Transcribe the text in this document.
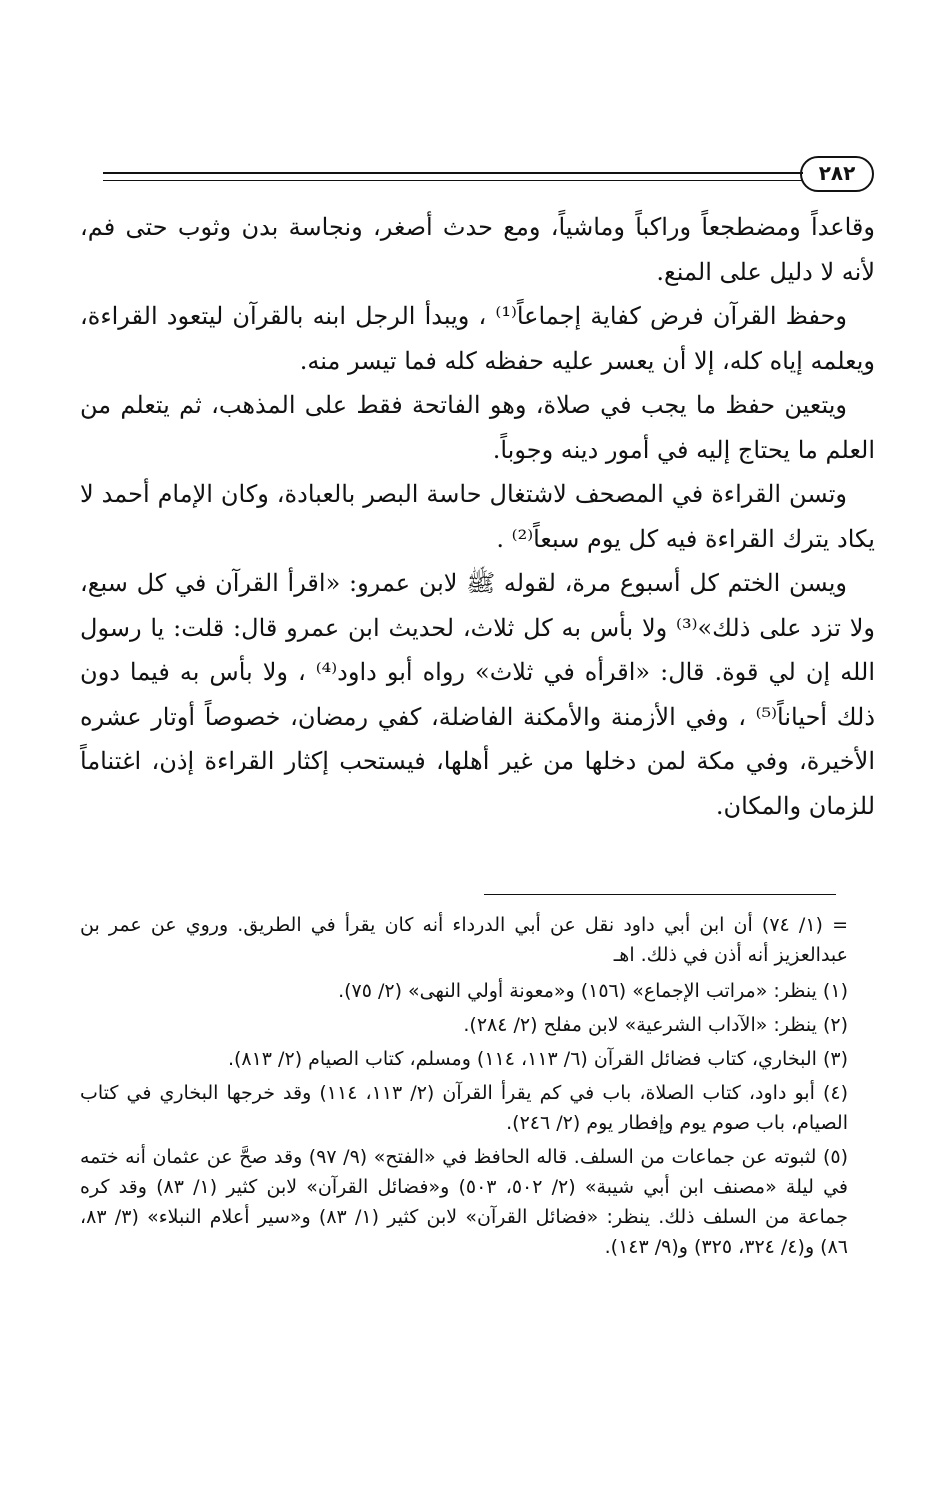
٢٨٢

وقاعداً ومضطجعاً وراكباً وماشياً، ومع حدث أصغر، ونجاسة بدن وثوب حتى فم، لأنه لا دليل على المنع.

وحفظ القرآن فرض كفاية إجماعاً⁽¹⁾ ، ويبدأ الرجل ابنه بالقرآن ليتعود القراءة، ويعلمه إياه كله، إلا أن يعسر عليه حفظه كله فما تيسر منه.

ويتعين حفظ ما يجب في صلاة، وهو الفاتحة فقط على المذهب، ثم يتعلم من العلم ما يحتاج إليه في أمور دينه وجوباً.

وتسن القراءة في المصحف لاشتغال حاسة البصر بالعبادة، وكان الإمام أحمد لا يكاد يترك القراءة فيه كل يوم سبعاً⁽²⁾ .

ويسن الختم كل أسبوع مرة، لقوله ﷺ لابن عمرو: «اقرأ القرآن في كل سبع، ولا تزد على ذلك»⁽³⁾ ولا بأس به كل ثلاث، لحديث ابن عمرو قال: قلت: يا رسول الله إن لي قوة. قال: «اقرأه في ثلاث» رواه أبو داود⁽⁴⁾ ، ولا بأس به فيما دون ذلك أحياناً⁽⁵⁾ ، وفي الأزمنة والأمكنة الفاضلة، كفي رمضان، خصوصاً أوتار عشره الأخيرة، وفي مكة لمن دخلها من غير أهلها، فيستحب إكثار القراءة إذن، اغتناماً للزمان والمكان.

= (١/ ٧٤) أن ابن أبي داود نقل عن أبي الدرداء أنه كان يقرأ في الطريق. وروي عن عمر بن عبدالعزيز أنه أذن في ذلك. اهـ

(١) ينظر: «مراتب الإجماع» (١٥٦) و«معونة أولي النهى» (٢/ ٧٥).

(٢) ينظر: «الآداب الشرعية» لابن مفلح (٢/ ٢٨٤).

(٣) البخاري، كتاب فضائل القرآن (٦/ ١١٣، ١١٤) ومسلم، كتاب الصيام (٢/ ٨١٣).

(٤) أبو داود، كتاب الصلاة، باب في كم يقرأ القرآن (٢/ ١١٣، ١١٤) وقد خرجها البخاري في كتاب الصيام، باب صوم يوم وإفطار يوم (٢/ ٢٤٦).

(٥) لثبوته عن جماعات من السلف. قاله الحافظ في «الفتح» (٩/ ٩٧) وقد صحَّ عن عثمان أنه ختمه في ليلة «مصنف ابن أبي شيبة» (٢/ ٥٠٢، ٥٠٣) و«فضائل القرآن» لابن كثير (١/ ٨٣) وقد كره جماعة من السلف ذلك. ينظر: «فضائل القرآن» لابن كثير (١/ ٨٣) و«سير أعلام النبلاء» (٣/ ٨٣، ٨٦) و(٤/ ٣٢٤، ٣٢٥) و(٩/ ١٤٣).
